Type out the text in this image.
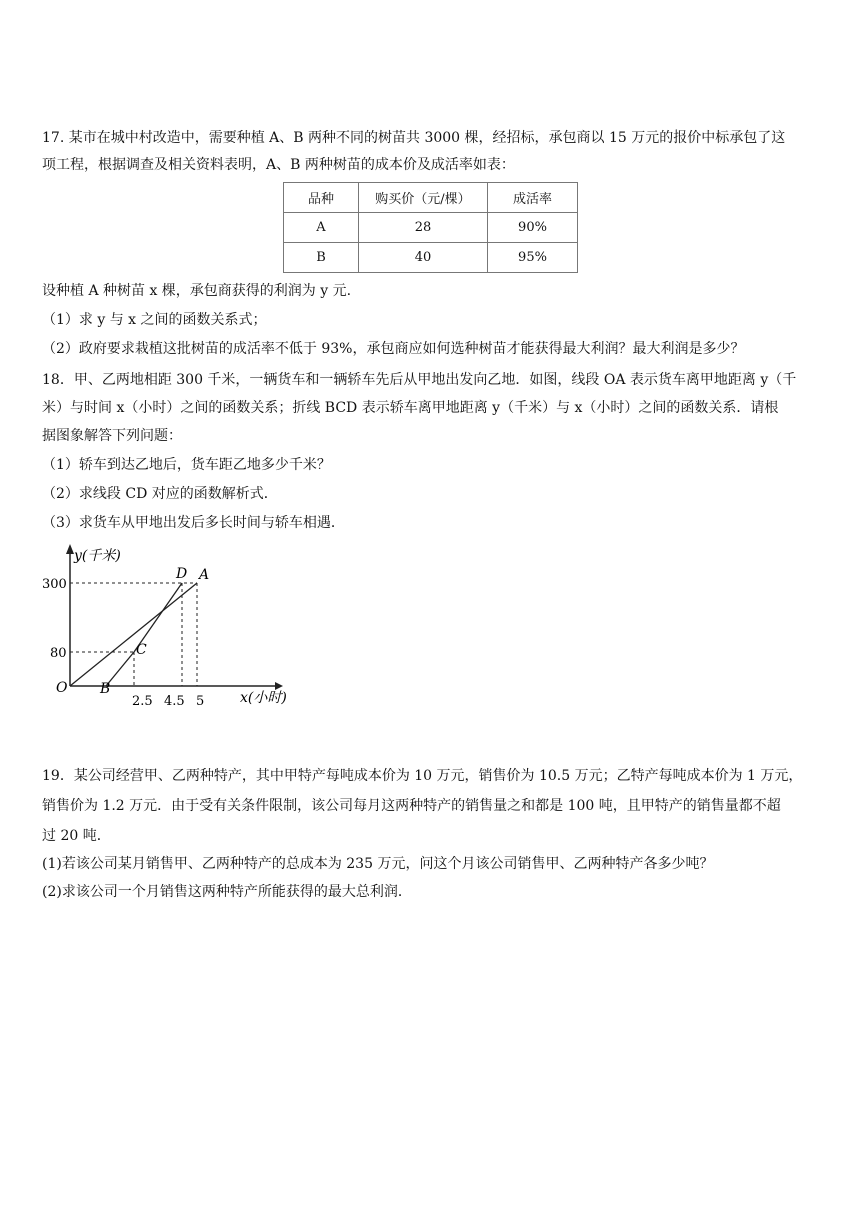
17. 某市在城中村改造中，需要种植 A、B 两种不同的树苗共 3000 棵，经招标，承包商以 15 万元的报价中标承包了这
项工程，根据调查及相关资料表明，A、B 两种树苗的成本价及成活率如表：
品种	购买价（元/棵）	成活率
A	28	90%
B	40	95%
设种植 A 种树苗 x 棵，承包商获得的利润为 y 元.
（1）求 y 与 x 之间的函数关系式；
（2）政府要求栽植这批树苗的成活率不低于 93%，承包商应如何选种树苗才能获得最大利润？最大利润是多少？
18．甲、乙两地相距 300 千米，一辆货车和一辆轿车先后从甲地出发向乙地．如图，线段 OA 表示货车离甲地距离 y（千
米）与时间 x（小时）之间的函数关系；折线 BCD 表示轿车离甲地距离 y（千米）与 x（小时）之间的函数关系．请根
据图象解答下列问题：
（1）轿车到达乙地后，货车距乙地多少千米？
（2）求线段 CD 对应的函数解析式．
（3）求货车从甲地出发后多长时间与轿车相遇．
300
80
2.5 4.5 5
y(千米)
x(小时)
O B
C
D A
19．某公司经营甲、乙两种特产，其中甲特产每吨成本价为 10 万元，销售价为 10.5 万元；乙特产每吨成本价为 1 万元，
销售价为 1.2 万元．由于受有关条件限制，该公司每月这两种特产的销售量之和都是 100 吨，且甲特产的销售量都不超
过 20 吨．
(1)若该公司某月销售甲、乙两种特产的总成本为 235 万元，问这个月该公司销售甲、乙两种特产各多少吨？
(2)求该公司一个月销售这两种特产所能获得的最大总利润．
